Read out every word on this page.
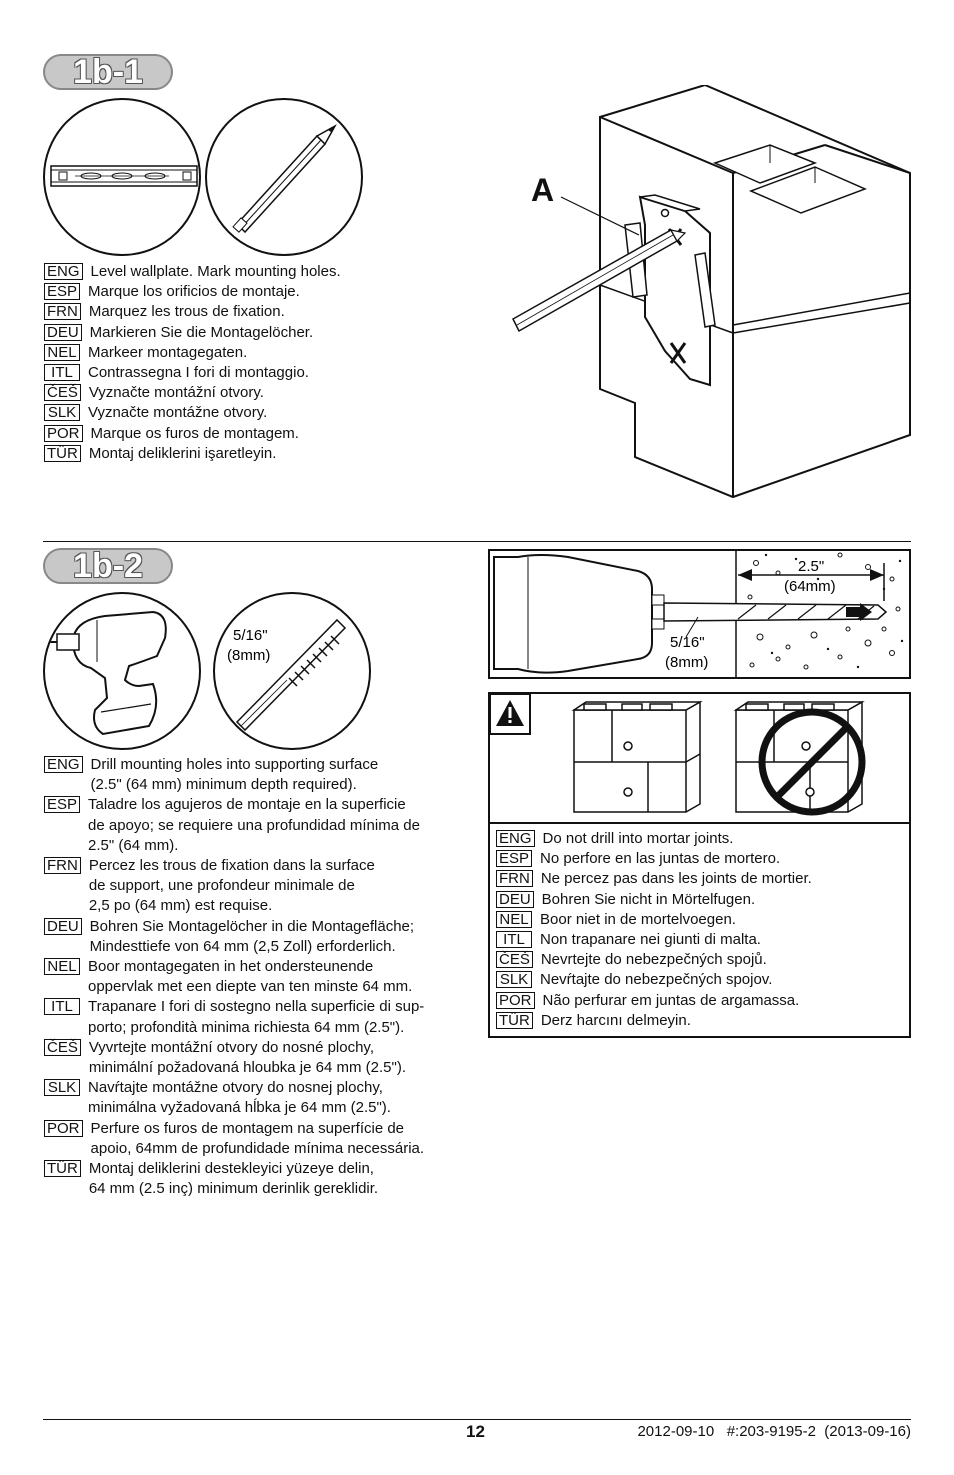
1b-1
ENG Level wallplate. Mark mounting holes.
ESP Marque los orificios de montaje.
FRN Marquez les trous de fixation.
DEU Markieren Sie die Montagelöcher.
NEL Markeer montagegaten.
ITL	Contrassegna I fori di montaggio.
ČEŠ Vyznačte montážní otvory.
SLK Vyznačte montážne otvory.
POR Marque os furos de montagem.
TÜR Montaj deliklerini işaretleyin.
A
1b-2
5/16"
(8mm)
ENG Drill mounting holes into supporting surface
(2.5" (64 mm) minimum depth required).
ESP Taladre los agujeros de montaje en la superficie
de apoyo; se requiere una profundidad mínima de
2.5" (64 mm).
FRN Percez les trous de fixation dans la surface
de support, une profondeur minimale de
2,5 po (64 mm) est requise.
DEU Bohren Sie Montagelöcher in die Montagefläche;
Mindesttiefe von 64 mm (2,5 Zoll) erforderlich.
NEL Boor montagegaten in het ondersteunende
oppervlak met een diepte van ten minste 64 mm.
ITL	Trapanare I fori di sostegno nella superficie di sup-
porto; profondità minima richiesta 64 mm (2.5").
ČEŠ Vyvrtejte montážní otvory do nosné plochy,
minimální požadovaná hloubka je 64 mm (2.5").
SLK Navŕtajte montážne otvory do nosnej plochy,
minimálna vyžadovaná hĺbka je 64 mm (2.5").
POR Perfure os furos de montagem na superfície de
apoio, 64mm de profundidade mínima necessária.
TÜR Montaj deliklerini destekleyici yüzeye delin,
64 mm (2.5 inç) minimum derinlik gereklidir.
2.5"
(64mm)
5/16"
(8mm)
ENG Do not drill into mortar joints.
ESP No perfore en las juntas de mortero.
FRN Ne percez pas dans les joints de mortier.
DEU Bohren Sie nicht in Mörtelfugen.
NEL Boor niet in de mortelvoegen.
ITL	Non trapanare nei giunti di malta.
ČEŠ Nevrtejte do nebezpečných spojů.
SLK Nevŕtajte do nebezpečných spojov.
POR Não perfurar em juntas de argamassa.
TÜR Derz harcını delmeyin.
12	2012-09-10   #:203-9195-2  (2013-09-16)
